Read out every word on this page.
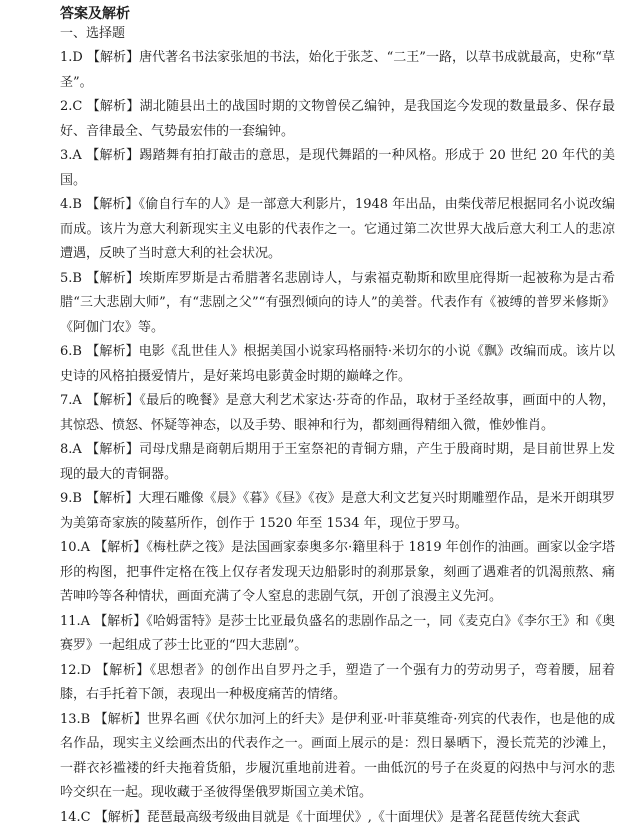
答案及解析

一、选择题

1.D 【解析】唐代著名书法家张旭的书法，始化于张芝、“二王”一路，以草书成就最高，史称“草圣”。

2.C 【解析】湖北随县出土的战国时期的文物曾侯乙编钟，是我国迄今发现的数量最多、保存最好、音律最全、气势最宏伟的一套编钟。

3.A 【解析】踢踏舞有拍打敲击的意思，是现代舞蹈的一种风格。形成于 20 世纪 20 年代的美国。

4.B 【解析】《偷自行车的人》是一部意大利影片，1948 年出品，由柴伐蒂尼根据同名小说改编而成。该片为意大利新现实主义电影的代表作之一。它通过第二次世界大战后意大利工人的悲凉遭遇，反映了当时意大利的社会状况。

5.B 【解析】埃斯库罗斯是古希腊著名悲剧诗人，与索福克勒斯和欧里庇得斯一起被称为是古希腊“三大悲剧大师”，有“悲剧之父”“有强烈倾向的诗人”的美誉。代表作有《被缚的普罗米修斯》《阿伽门农》等。

6.B 【解析】电影《乱世佳人》根据美国小说家玛格丽特·米切尔的小说《飘》改编而成。该片以史诗的风格拍摄爱情片，是好莱坞电影黄金时期的巅峰之作。

7.A 【解析】《最后的晚餐》是意大利艺术家达·芬奇的作品，取材于圣经故事，画面中的人物，其惊恐、愤怒、怀疑等神态，以及手势、眼神和行为，都刻画得精细入微，惟妙惟肖。

8.A 【解析】司母戊鼎是商朝后期用于王室祭祀的青铜方鼎，产生于殷商时期，是目前世界上发现的最大的青铜器。

9.B 【解析】大理石雕像《晨》《暮》《昼》《夜》是意大利文艺复兴时期雕塑作品，是米开朗琪罗为美第奇家族的陵墓所作，创作于 1520 年至 1534 年，现位于罗马。

10.A 【解析】《梅杜萨之筏》是法国画家泰奥多尔·籍里科于 1819 年创作的油画。画家以金字塔形的构图，把事件定格在筏上仅存者发现天边船影时的刹那景象，刻画了遇难者的饥渴煎熬、痛苦呻吟等各种情状，画面充满了令人窒息的悲剧气氛，开创了浪漫主义先河。

11.A 【解析】《哈姆雷特》是莎士比亚最负盛名的悲剧作品之一，同《麦克白》《李尔王》和《奥赛罗》一起组成了莎士比亚的“四大悲剧”。

12.D 【解析】《思想者》的创作出自罗丹之手，塑造了一个强有力的劳动男子，弯着腰，屈着膝，右手托着下颌，表现出一种极度痛苦的情绪。

13.B 【解析】世界名画《伏尔加河上的纤夫》是伊利亚·叶菲莫维奇·列宾的代表作，也是他的成名作品，现实主义绘画杰出的代表作之一。画面上展示的是：烈日暴晒下，漫长荒芜的沙滩上，一群衣衫褴褛的纤夫拖着货船，步履沉重地前进着。一曲低沉的号子在炎夏的闷热中与河水的悲吟交织在一起。现收藏于圣彼得堡俄罗斯国立美术馆。

14.C 【解析】琵琶最高级考级曲目就是《十面埋伏》,《十面埋伏》是著名琵琶传统大套武
